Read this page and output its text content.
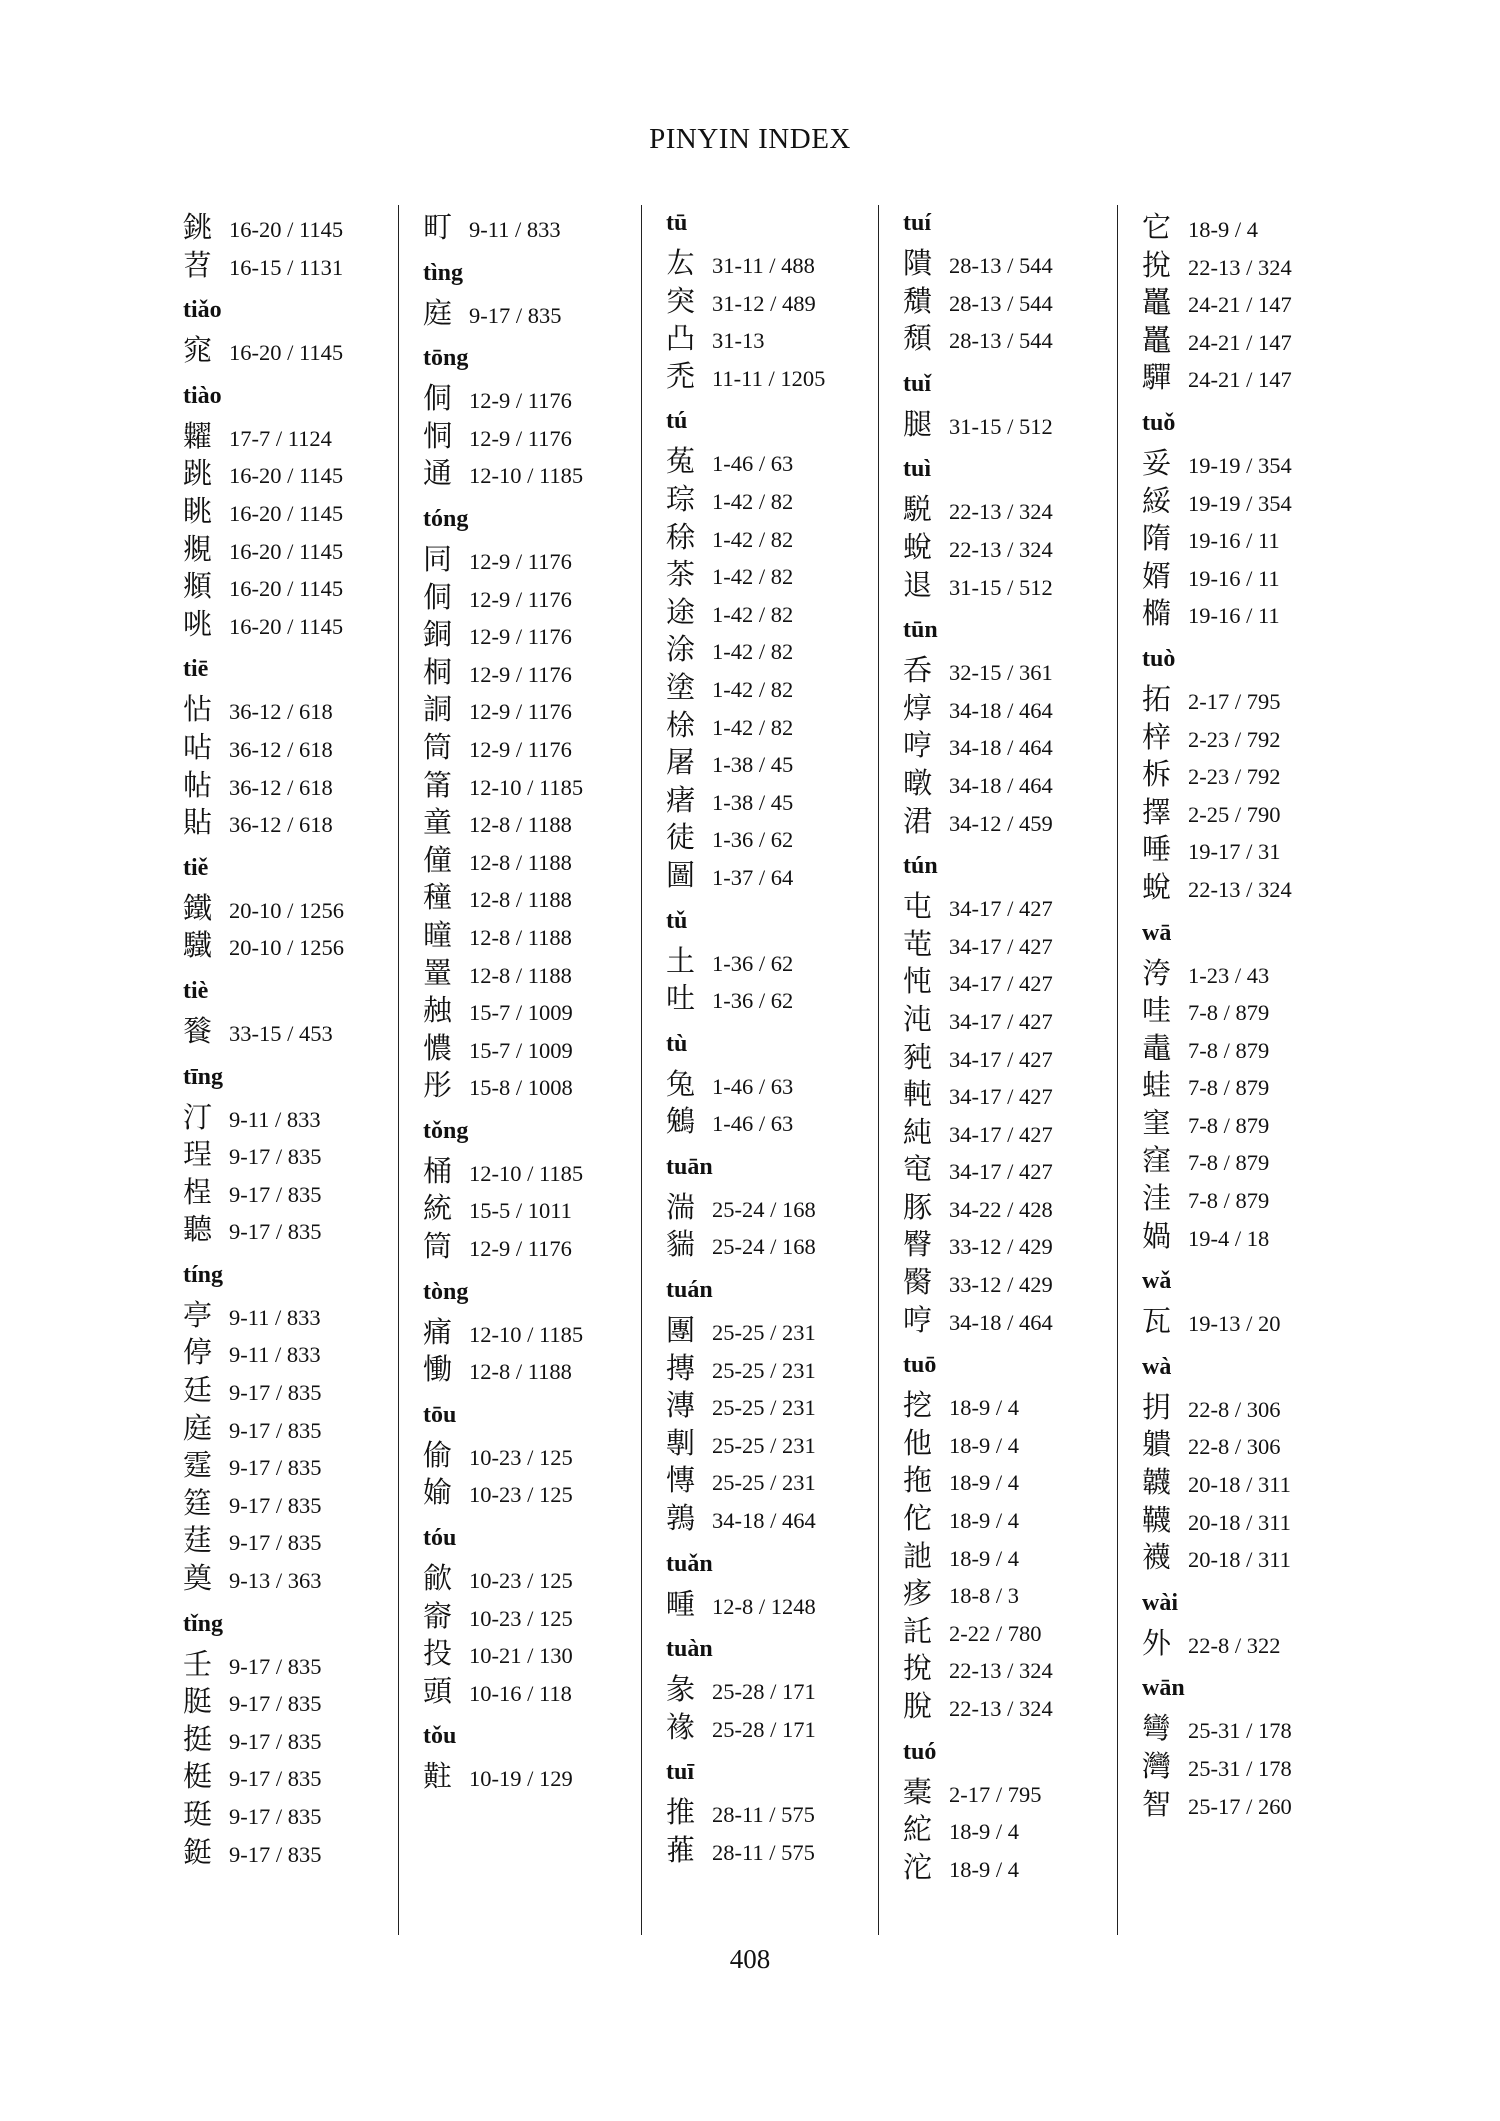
PINYIN INDEX
銚 16-20 / 1145
苕 16-15 / 1131
tiǎo
窕 16-20 / 1145
tiào
糶 17-7 / 1124
跳 16-20 / 1145
眺 16-20 / 1145
覜 16-20 / 1145
頫 16-20 / 1145
咷 16-20 / 1145
tiē
怗 36-12 / 618
呫 36-12 / 618
帖 36-12 / 618
貼 36-12 / 618
tiě
鐵 20-10 / 1256
驖 20-10 / 1256
tiè
餮 33-15 / 453
tīng
汀 9-11 / 833
珵 9-17 / 835
桯 9-17 / 835
聽 9-17 / 835
tíng
亭 9-11 / 833
停 9-11 / 833
廷 9-17 / 835
庭 9-17 / 835
霆 9-17 / 835
筳 9-17 / 835
莛 9-17 / 835
奠 9-13 / 363
tǐng
壬 9-17 / 835
脡 9-17 / 835
挺 9-17 / 835
梃 9-17 / 835
珽 9-17 / 835
鋌 9-17 / 835
町 9-11 / 833
tìng
庭 9-17 / 835
tōng
侗 12-9 / 1176
恫 12-9 / 1176
通 12-10 / 1185
tóng
同 12-9 / 1176
侗 12-9 / 1176
銅 12-9 / 1176
桐 12-9 / 1176
詷 12-9 / 1176
筒 12-9 / 1176
筩 12-10 / 1185
童 12-8 / 1188
僮 12-8 / 1188
穜 12-8 / 1188
曈 12-8 / 1188
罿 12-8 / 1188
赨 15-7 / 1009
憹 15-7 / 1009
彤 15-8 / 1008
tǒng
桶 12-10 / 1185
統 15-5 / 1011
筒 12-9 / 1176
tòng
痛 12-10 / 1185
慟 12-8 / 1188
tōu
偷 10-23 / 125
媮 10-23 / 125
tóu
歈 10-23 / 125
窬 10-23 / 125
投 10-21 / 130
頭 10-16 / 118
tǒu
黈 10-19 / 129
tū
厷 31-11 / 488
突 31-12 / 489
凸 31-13
禿 11-11 / 1205
tú
菟 1-46 / 63
琮 1-42 / 82
稌 1-42 / 82
茶 1-42 / 82
途 1-42 / 82
涂 1-42 / 82
塗 1-42 / 82
梌 1-42 / 82
屠 1-38 / 45
瘏 1-38 / 45
徒 1-36 / 62
圖 1-37 / 64
tǔ
土 1-36 / 62
吐 1-36 / 62
tù
兔 1-46 / 63
鵵 1-46 / 63
tuān
湍 25-24 / 168
貒 25-24 / 168
tuán
團 25-25 / 231
摶 25-25 / 231
漙 25-25 / 231
剸 25-25 / 231
慱 25-25 / 231
鶉 34-18 / 464
tuǎn
畽 12-8 / 1248
tuàn
彖 25-28 / 171
褖 25-28 / 171
tuī
推 28-11 / 575
蓷 28-11 / 575
tuí
隤 28-13 / 544
穨 28-13 / 544
頹 28-13 / 544
tuǐ
腿 31-15 / 512
tuì
駾 22-13 / 324
蛻 22-13 / 324
退 31-15 / 512
tūn
呑 32-15 / 361
焞 34-18 / 464
哼 34-18 / 464
暾 34-18 / 464
涒 34-12 / 459
tún
屯 34-17 / 427
芚 34-17 / 427
忳 34-17 / 427
沌 34-17 / 427
豘 34-17 / 427
軘 34-17 / 427
純 34-17 / 427
窀 34-17 / 427
豚 34-22 / 428
臀 33-12 / 429
臋 33-12 / 429
哼 34-18 / 464
tuō
挖 18-9 / 4
他 18-9 / 4
拖 18-9 / 4
佗 18-9 / 4
訑 18-9 / 4
痑 18-8 / 3
託 2-22 / 780
挩 22-13 / 324
脫 22-13 / 324
tuó
橐 2-17 / 795
紽 18-9 / 4
沱 18-9 / 4
它 18-9 / 4
挩 22-13 / 324
鼉 24-21 / 147
鼉 24-21 / 147
驒 24-21 / 147
tuǒ
妥 19-19 / 354
綏 19-19 / 354
隋 19-16 / 11
婿 19-16 / 11
橢 19-16 / 11
tuò
拓 2-17 / 795
梓 2-23 / 792
柝 2-23 / 792
擇 2-25 / 790
唾 19-17 / 31
蛻 22-13 / 324
wā
洿 1-23 / 43
哇 7-8 / 879
鼃 7-8 / 879
蛙 7-8 / 879
窐 7-8 / 879
窪 7-8 / 879
洼 7-8 / 879
媧 19-4 / 18
wǎ
瓦 19-13 / 20
wà
抈 22-8 / 306
䠿 22-8 / 306
韤 20-18 / 311
韈 20-18 / 311
襪 20-18 / 311
wài
外 22-8 / 322
wān
彎 25-31 / 178
灣 25-31 / 178
智 25-17 / 260
408
